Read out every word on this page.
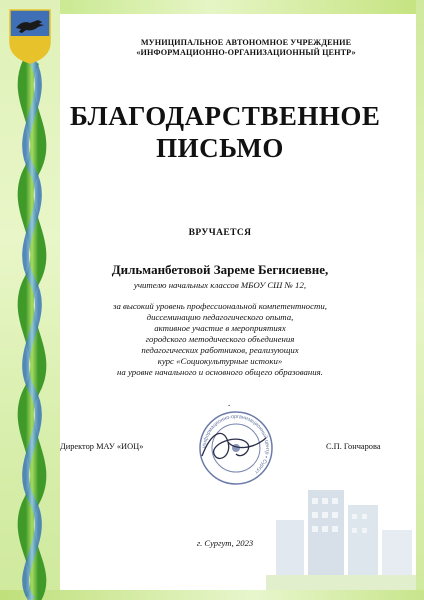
МУНИЦИПАЛЬНОЕ АВТОНОМНОЕ УЧРЕЖДЕНИЕ
«ИНФОРМАЦИОННО-ОРГАНИЗАЦИОННЫЙ ЦЕНТР»
БЛАГОДАРСТВЕННОЕ
ПИСЬМО
ВРУЧАЕТСЯ
Дильманбетовой Зареме Бегисиевне,
учителю начальных классов МБОУ СШ № 12,
за высокий уровень профессиональной компетентности,
диссеминацию педагогического опыта,
активное участие в мероприятиях
городского методического объединения
педагогических работников, реализующих
курс «Социокультурные истоки»
на уровне начального и основного общего образования.
.
Информационно-организационный центр • Сургут
Директор МАУ «ИОЦ»	С.П. Гончарова
г. Сургут, 2023
